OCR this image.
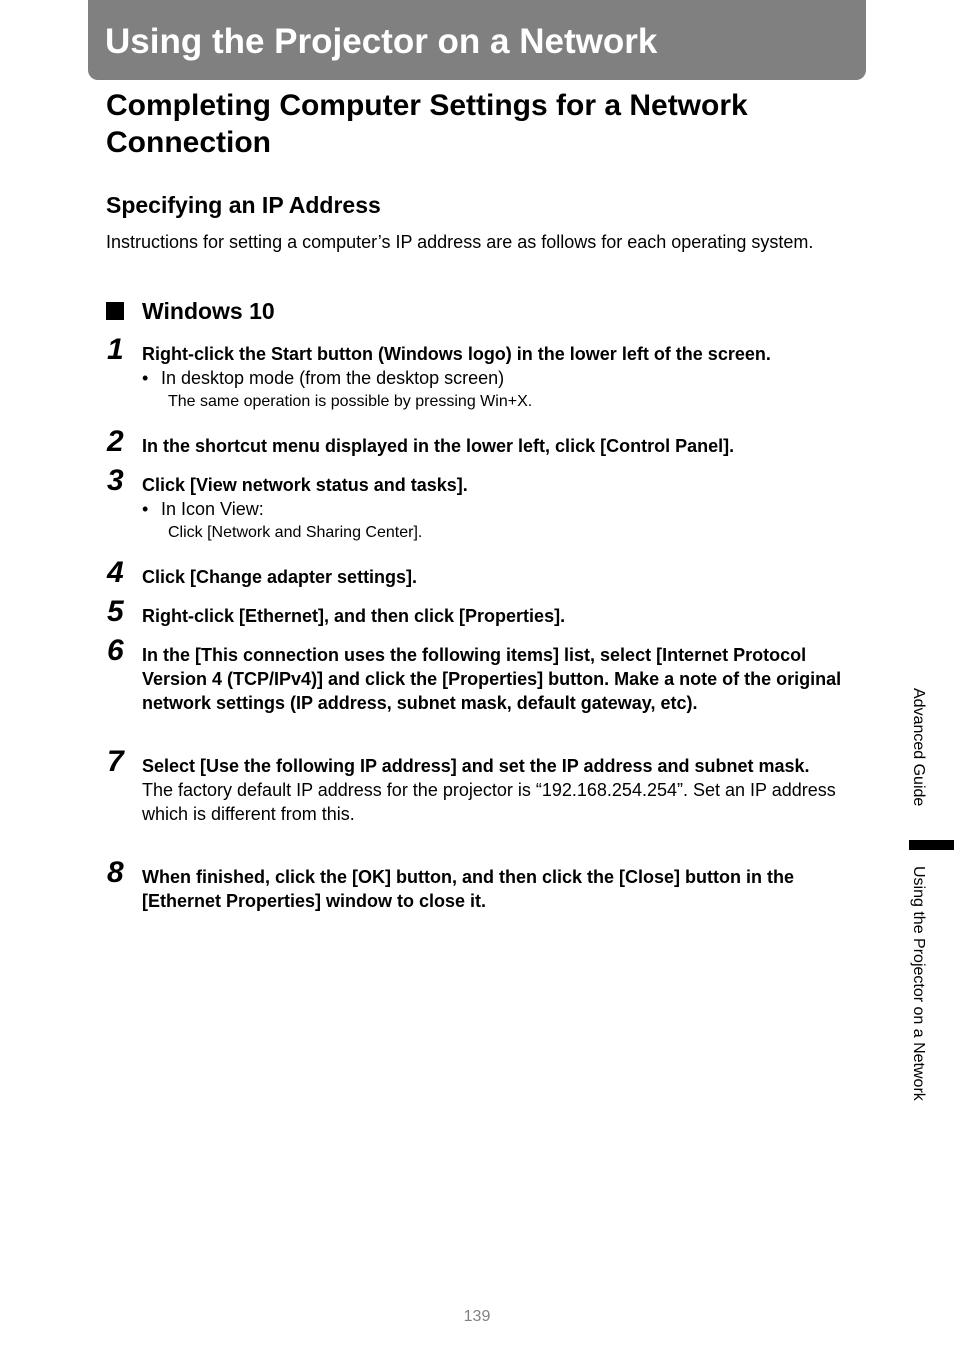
Using the Projector on a Network
Completing Computer Settings for a Network Connection
Specifying an IP Address
Instructions for setting a computer’s IP address are as follows for each operating system.
Windows 10
1 Right-click the Start button (Windows logo) in the lower left of the screen.
• In desktop mode (from the desktop screen)
The same operation is possible by pressing Win+X.
2 In the shortcut menu displayed in the lower left, click [Control Panel].
3 Click [View network status and tasks].
• In Icon View:
Click [Network and Sharing Center].
4 Click [Change adapter settings].
5 Right-click [Ethernet], and then click [Properties].
6 In the [This connection uses the following items] list, select [Internet Protocol Version 4 (TCP/IPv4)] and click the [Properties] button. Make a note of the original network settings (IP address, subnet mask, default gateway, etc).
7 Select [Use the following IP address] and set the IP address and subnet mask.
The factory default IP address for the projector is “192.168.254.254”. Set an IP address which is different from this.
8 When finished, click the [OK] button, and then click the [Close] button in the [Ethernet Properties] window to close it.
Advanced Guide
Using the Projector on a Network
139
